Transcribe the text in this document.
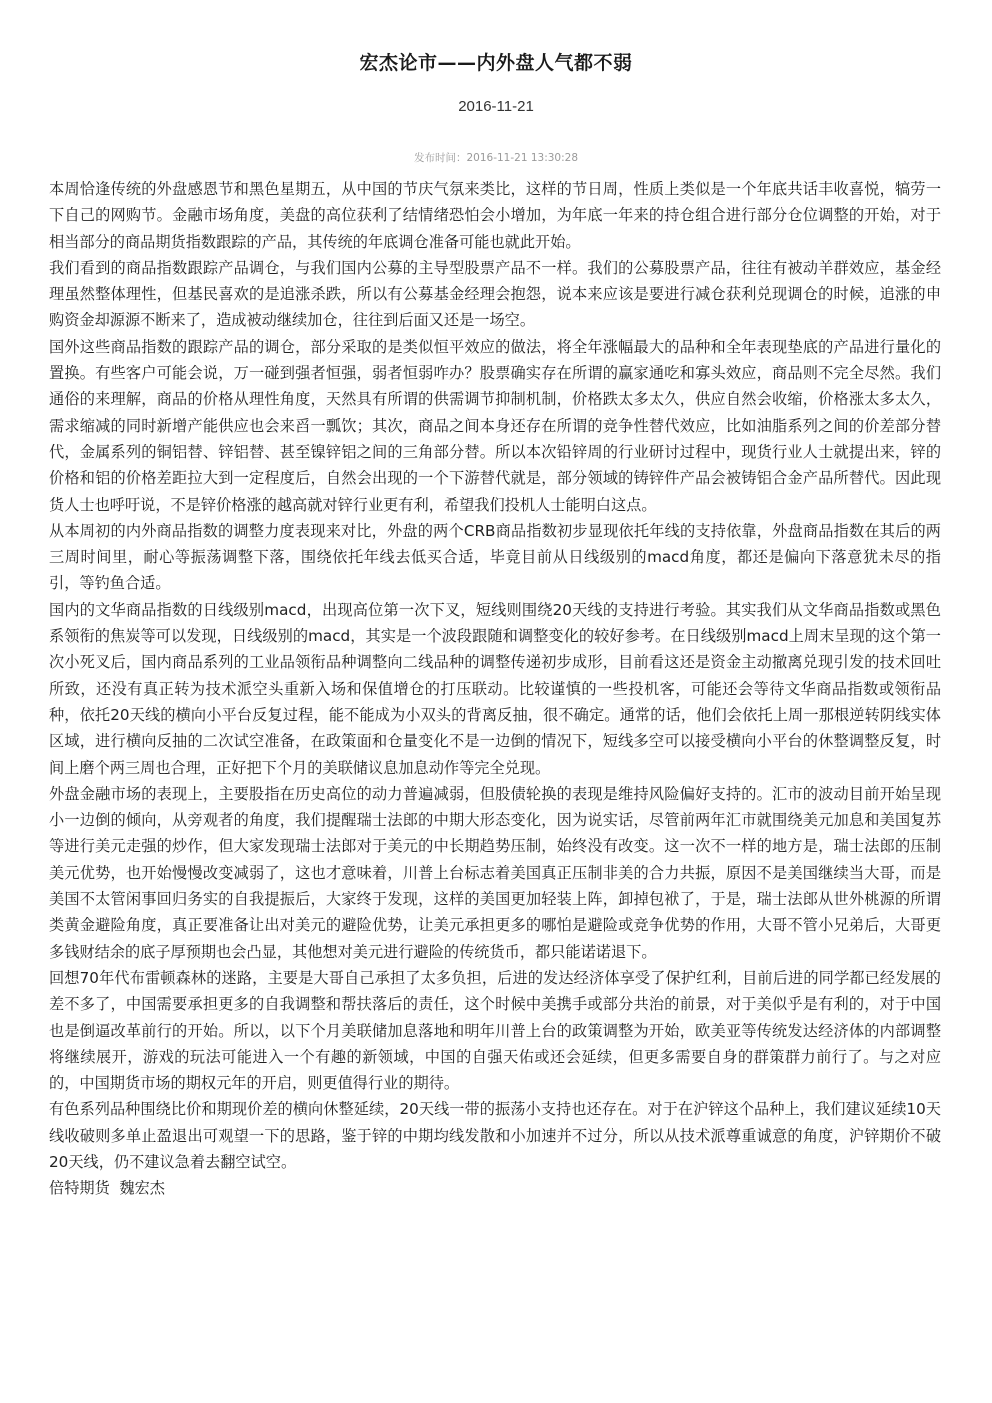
宏杰论市——内外盘人气都不弱
2016-11-21
发布时间：2016-11-21 13:30:28

本周恰逢传统的外盘感恩节和黑色星期五，从中国的节庆气氛来类比，这样的节日周，性质上类似是一个年底共话丰收喜悦，犒劳一下自己的网购节。金融市场角度，美盘的高位获利了结情绪恐怕会小增加，为年底一年来的持仓组合进行部分仓位调整的开始，对于相当部分的商品期货指数跟踪的产品，其传统的年底调仓准备可能也就此开始。

我们看到的商品指数跟踪产品调仓，与我们国内公募的主导型股票产品不一样。我们的公募股票产品，往往有被动羊群效应，基金经理虽然整体理性，但基民喜欢的是追涨杀跌，所以有公募基金经理会抱怨，说本来应该是要进行减仓获利兑现调仓的时候，追涨的申购资金却源源不断来了，造成被动继续加仓，往往到后面又还是一场空。

国外这些商品指数的跟踪产品的调仓，部分采取的是类似恒平效应的做法，将全年涨幅最大的品种和全年表现垫底的产品进行量化的置换。有些客户可能会说，万一碰到强者恒强，弱者恒弱咋办？股票确实存在所谓的赢家通吃和寡头效应，商品则不完全尽然。我们通俗的来理解，商品的价格从理性角度，天然具有所谓的供需调节抑制机制，价格跌太多太久，供应自然会收缩，价格涨太多太久，需求缩减的同时新增产能供应也会来舀一瓢饮；其次，商品之间本身还存在所谓的竞争性替代效应，比如油脂系列之间的价差部分替代，金属系列的铜铝替、锌铝替、甚至镍锌铝之间的三角部分替。所以本次铅锌周的行业研讨过程中，现货行业人士就提出来，锌的价格和铝的价格差距拉大到一定程度后，自然会出现的一个下游替代就是，部分领域的铸锌件产品会被铸铝合金产品所替代。因此现货人士也呼吁说，不是锌价格涨的越高就对锌行业更有利，希望我们投机人士能明白这点。

从本周初的内外商品指数的调整力度表现来对比，外盘的两个CRB商品指数初步显现依托年线的支持依靠，外盘商品指数在其后的两三周时间里，耐心等振荡调整下落，围绕依托年线去低买合适，毕竟目前从日线级别的macd角度，都还是偏向下落意犹未尽的指引，等钓鱼合适。

国内的文华商品指数的日线级别macd，出现高位第一次下叉，短线则围绕20天线的支持进行考验。其实我们从文华商品指数或黑色系领衔的焦炭等可以发现，日线级别的macd，其实是一个波段跟随和调整变化的较好参考。在日线级别macd上周末呈现的这个第一次小死叉后，国内商品系列的工业品领衔品种调整向二线品种的调整传递初步成形，目前看这还是资金主动撤离兑现引发的技术回吐所致，还没有真正转为技术派空头重新入场和保值增仓的打压联动。比较谨慎的一些投机客，可能还会等待文华商品指数或领衔品种，依托20天线的横向小平台反复过程，能不能成为小双头的背离反抽，很不确定。通常的话，他们会依托上周一那根逆转阴线实体区域，进行横向反抽的二次试空准备，在政策面和仓量变化不是一边倒的情况下，短线多空可以接受横向小平台的休整调整反复，时间上磨个两三周也合理，正好把下个月的美联储议息加息动作等完全兑现。

外盘金融市场的表现上，主要股指在历史高位的动力普遍减弱，但股债轮换的表现是维持风险偏好支持的。汇市的波动目前开始呈现小一边倒的倾向，从旁观者的角度，我们提醒瑞士法郎的中期大形态变化，因为说实话，尽管前两年汇市就围绕美元加息和美国复苏等进行美元走强的炒作，但大家发现瑞士法郎对于美元的中长期趋势压制，始终没有改变。这一次不一样的地方是，瑞士法郎的压制美元优势，也开始慢慢改变减弱了，这也才意味着，川普上台标志着美国真正压制非美的合力共振，原因不是美国继续当大哥，而是美国不太管闲事回归务实的自我提振后，大家终于发现，这样的美国更加轻装上阵，卸掉包袱了，于是，瑞士法郎从世外桃源的所谓类黄金避险角度，真正要准备让出对美元的避险优势，让美元承担更多的哪怕是避险或竞争优势的作用，大哥不管小兄弟后，大哥更多钱财结余的底子厚预期也会凸显，其他想对美元进行避险的传统货币，都只能诺诺退下。

回想70年代布雷顿森林的迷路，主要是大哥自己承担了太多负担，后进的发达经济体享受了保护红利，目前后进的同学都已经发展的差不多了，中国需要承担更多的自我调整和帮扶落后的责任，这个时候中美携手或部分共治的前景，对于美似乎是有利的，对于中国也是倒逼改革前行的开始。所以，以下个月美联储加息落地和明年川普上台的政策调整为开始，欧美亚等传统发达经济体的内部调整将继续展开，游戏的玩法可能进入一个有趣的新领域，中国的自强天佑或还会延续，但更多需要自身的群策群力前行了。与之对应的，中国期货市场的期权元年的开启，则更值得行业的期待。

有色系列品种围绕比价和期现价差的横向休整延续，20天线一带的振荡小支持也还存在。对于在沪锌这个品种上，我们建议延续10天线收破则多单止盈退出可观望一下的思路，鉴于锌的中期均线发散和小加速并不过分，所以从技术派尊重诚意的角度，沪锌期价不破20天线，仍不建议急着去翻空试空。

倍特期货  魏宏杰
